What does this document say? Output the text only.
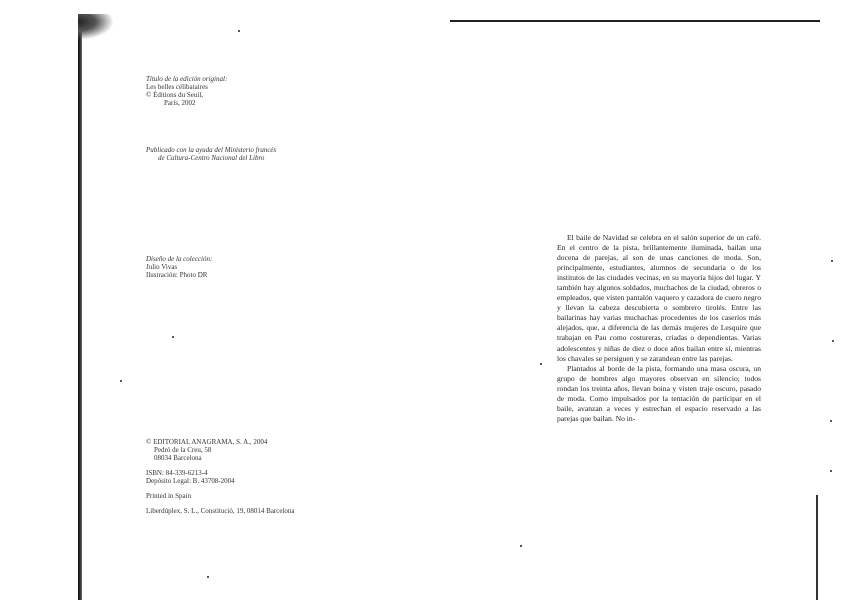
Título de la edición original:
Les belles célibataires
© Éditions du Seuil,
París, 2002
Publicado con la ayuda del Ministerio francés
de Cultura-Centro Nacional del Libro
Diseño de la colección:
Julio Vivas
Ilustración: Photo DR
© EDITORIAL ANAGRAMA, S. A., 2004
Pedró de la Creu, 58
08034 Barcelona
ISBN: 84-339-6213-4
Depósito Legal: B. 43708-2004
Printed in Spain
Liberdúplex, S. L., Constitució, 19, 08014 Barcelona

El baile de Navidad se celebra en el salón superior de un café. En el centro de la pista, brillantemente iluminada, bailan una docena de parejas, al son de unas canciones de moda. Son, principalmente, estudiantes, alumnos de secundaria o de los institutos de las ciudades vecinas, en su mayoría hijos del lugar. Y también hay algunos soldados, muchachos de la ciudad, obreros o empleados, que visten pantalón vaquero y cazadora de cuero negro y llevan la cabeza descubierta o sombrero tirolés. Entre las bailarinas hay varias muchachas procedentes de los caseríos más alejados, que, a diferencia de las demás mujeres de Lesquire que trabajan en Pau como costureras, criadas o dependientas. Varias adolescentes y niñas de diez o doce años bailan entre sí, mientras los chavales se persiguen y se zarandean entre las parejas.

Plantados al borde de la pista, formando una masa oscura, un grupo de hombres algo mayores observan en silencio; todos rondan los treinta años, llevan boina y visten traje oscuro, pasado de moda. Como impulsados por la tentación de participar en el baile, avanzan a veces y estrechan el espacio reservado a las parejas que bailan. No in-
